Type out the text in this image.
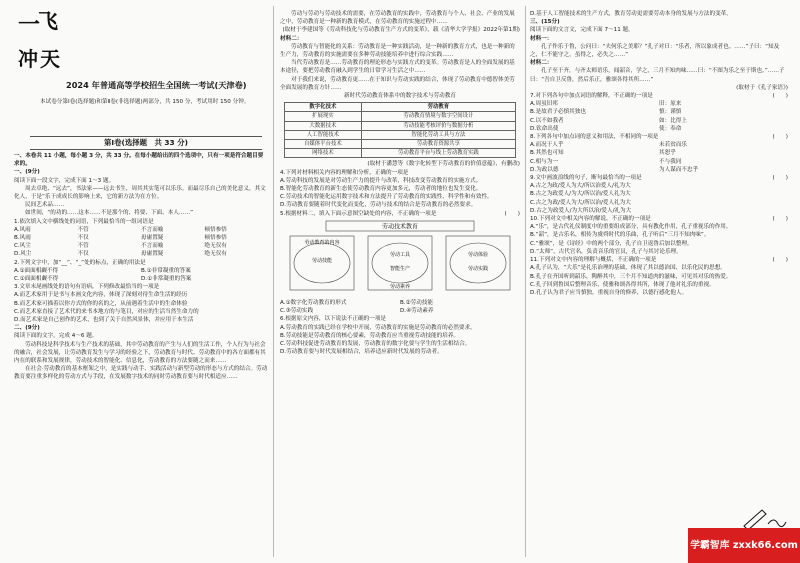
一
飞
冲 天
2024 年普通高等学校招生全国统一考试(天津卷)
本试卷分第Ⅰ卷(选择题)和第Ⅱ卷(非选择题)两部分，共 150 分，考试用时 150 分钟。
第Ⅰ卷(选择题　共 33 分)

一、本卷共 11 小题，每小题 3 分，共 33 分。在每小题给出的四个选项中，只有一项是符合题目要求的。

一、(9分)

阅读下面一段文字，完成下面 1～3 题。

周去卓绝、“远去”，书法家——远去书生，周其其实笔可以乐乐。而最尽乐自己的美化意义，其文化人，于是“乐于成成长的影响上来，它的新方法为在方位。

民间艺术品……

如世间，“的功的……这本……不是那个的、将要、下面、本人……”

1.依次填入文中横线处的词语，下列最恰当的一组词语是

A.风雨	不管	不言而喻	顿悟参悟
B.风雨	不仅	毋庸置疑	顿悟参悟
C.风尘	不管	不言而喻	绝无仅有
D.风尘	不仅	毋庸置疑	绝无仅有

2.下列文字中，加“__”、“_”处的标点，正确的用法是

A.①面面相觑不得	B.①非常凝重的答案
C.①面面相觑不得	D.①非常凝重的答案

3.文章末尾画线处的语句有语病，下列修改最恰当的一项是

A.而艺术家用于是书与本画文化内容，体现了深刻对待生命生活的经历

B.而艺术家可描着以你方式的你的名的之，从前遇着生活中的生命体验

C.而艺术家直接了艺术代的来书本地方的与笔目，对应的生活当然生命力的

D.而艺术家是自己创作的艺术，也到了关于自然风景体，并应用于本生活

二、(9分)

阅读下面的文字，完成 4～6 题。

劳动科技是科学技术与生产技术的基础，其中劳动教育的产生与人们的生活工作，个人行为与社会的融合，社会发展，让劳动教育发生与学习的经验之下，劳动教育与时代、劳动教育中的各方面都有其内在的联系和发展规律，劳动技术的智能化、信息化，劳动教育的方法要随之而来……

在社会·劳动教育的基本框架之中，是实践与动手、实践活动与新型劳动的形态与方式的结合。劳动教育要注重多样化的劳动方式与手段，在发展数字技术的同时劳动教育要与时代相适应……

劳动与劳动与劳动技术的需要，在劳动教育的实践中，劳动教育与个人、社会、产业的发展之中，劳动教育是一种新的教育模式，在劳动教育的实施过程中……

(取材于李建国等《劳动科技化与劳动教育生产方式的变革》，载《清华大学学报》2022年第1期)

材料二：

劳动教育与智能化的关系：劳动教育是一种实践活动，是一种新的教育方式，也是一种新的生产力，劳动教育的实施需要在多种劳动技能培养中进行综合实践……

当代劳动教育是……劳动教育的理论形态与实践方式的变革。劳动教育是人的全面发展的基本途径，要把劳动教育融入到学生的日常学习生活之中……

对于我们来说，劳动教育更……在于知识与劳动实践的结合，体现了劳动教育中德智体美劳全面发展的教育方针……

新时代劳动教育体系中的数字技术与劳动教育

数字化技术	劳动教育
扩展现实	劳动教育情境与数字空间设计
大数据技术	劳动技能考核评价与数据分析
人工智能技术	智能化劳动工具与方法
自媒体平台技术	劳动教育资源共享
网络技术	劳动教育平台与线上劳动教育实践

(取材于潘慧等《数字化转型下劳动教育的价值意蕴》，有删改)

4.下列对材料相关内容的理解和分析，正确的一项是

A.劳动科技的发展是对劳动生产力的提升与改革，科技改变劳动教育的实施方式。

B.智能化劳动教育的新生态使劳动教育内容更加多元，劳动者的地位也发生变化。

C.劳动技术的智能化运用数字技术和方法提升了劳动教育的实践性、科学性和有效性。

D.劳动教育要随着时代变化而变化，劳动与技术的结合是劳动教育的必然要求。

5.根据材料二，填入下面示意图空缺处的内容，不正确的一项是	(　　)

劳动技术教育
劳动教育的内容
劳动技能
劳动工具
智能生产
劳动体验
劳动实践
劳动素养
A.①数字化劳动教育的形式	B.②劳动技能
C.③劳动实践	D.④劳动素养

6.根据原文内容，以下说法不正确的一项是

A.劳动教育的实践已经在学校中开展，劳动教育的实施是劳动教育的必然要求。

B.劳动技能是劳动教育的核心要素，劳动教育应当重视劳动技能的培养。

C.劳动科技促进劳动教育的发展，劳动教育的数字化要与学生的生活相结合。

D.劳动教育要与时代发展相结合，培养适应新时代发展的劳动者。

D.基于人工智能技术的生产方式，教育劳动更需要劳动本身的发展与方法的变革。

三、(15分)

阅读下面的文言文，完成下面 7～11 题。

材料一：

孔子作乐于鲁，公问曰：“夫何乐之美耶？”孔子对曰：“乐者，所以象成者也。……”子曰：“知及之，仁不能守之，虽得之，必失之……”

材料二：

孔子至于齐，与齐太师语乐，闻韶音，学之，三月不知肉味……曰：“不图为乐之至于斯也。”……子曰：“吾自卫反鲁，然后乐正，雅颂各得其所……”

(取材于《孔子家语》)

7.对下列各句中加点词语的解释，不正确的一项是	(　　)

A.周虽旧邦	旧：原来
B.是故君子必慎其独也	慎：谨慎
C.以不如我者	如：比得上
D.钦命出使	使：奉命

8.下列各句中加点词的意义和用法，不相同的一项是	(　　)

A.而况于人乎	未若贫而乐
B.其然也可知	其恕乎
C.相与为一	不与我同
D.为政以德	为人谋而不忠乎

9.文中画波浪线的句子，断句最恰当的一项是	(　　)

A.古之为政/爱人为大/所以治爱人/礼为大

B.古之为政爱人/为大/所以治/爱人礼为大

C.古之为政/爱人为大/所以治/爱人礼为大

D.古之为政爱人/为大所以治/爱人/礼为大

10.下列对文中相关内容的解说，不正确的一项是	(　　)

A.“乐”，是古代礼仪制度中的重要组成部分，具有教化作用，孔子重视乐的作用。

B.“韶”，是古乐名，相传为虞舜时代的乐曲，孔子听后“三月不知肉味”。

C.“雅颂”，是《诗经》中的两个部分，孔子自卫返鲁后加以整理。

D.“太师”，古代官名，负责音乐的官员，孔子与其讨论乐理。

11.下列对文中内容的理解与概括，不正确的一项是	(　　)

A.孔子认为，“大乐”是礼乐治理的基础，体现了其以德治国、以乐化民的思想。

B.孔子在齐国听到韶乐，陶醉其中，三个月不知道肉的滋味，可见其对乐的热爱。

C.孔子回到鲁国后整理音乐，使雅和颂各得其所，体现了他对礼乐的重视。

D.孔子认为君子应当慎独，重视自身的修养，以德行感化他人。

学霸智库 zxxk66.com
